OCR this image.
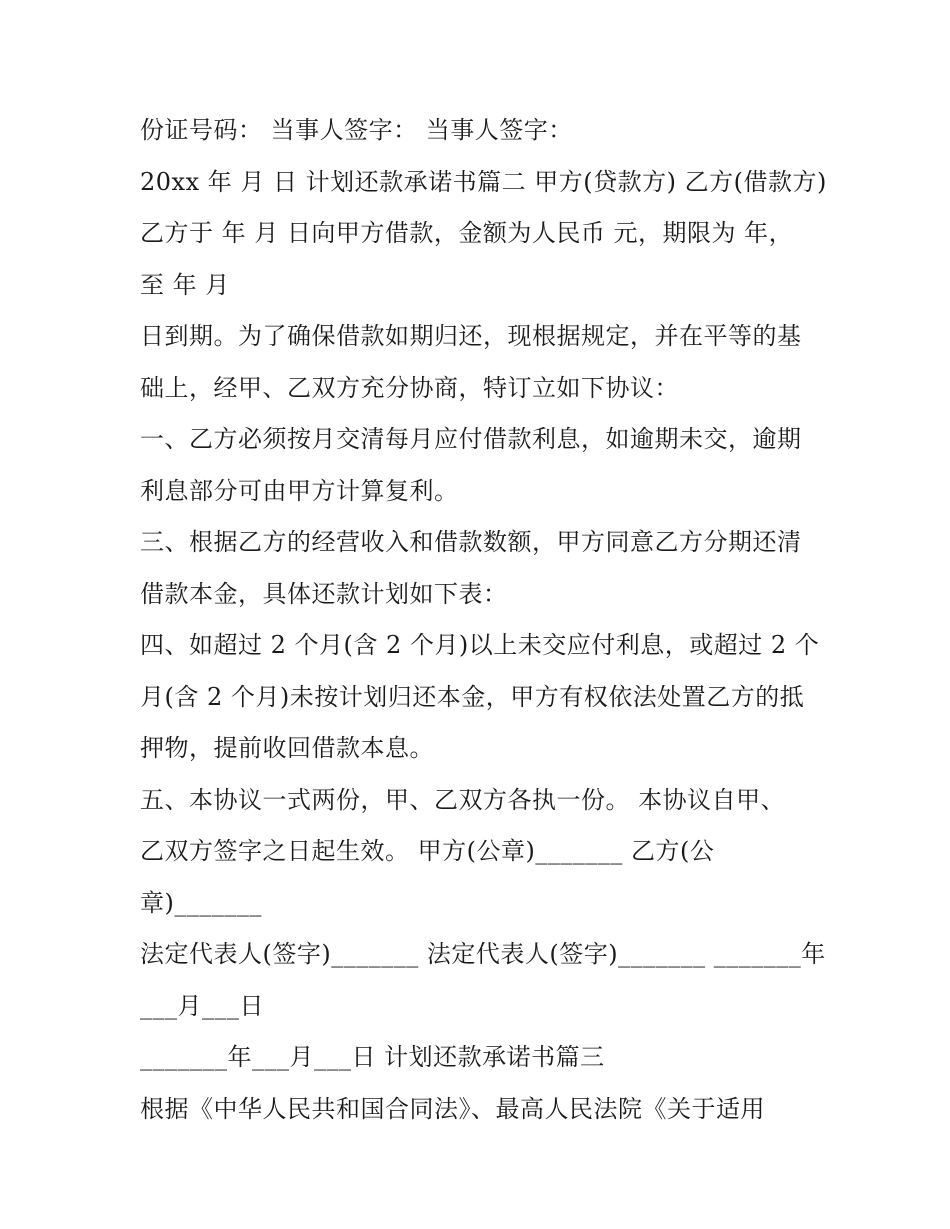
份证号码： 当事人签字： 当事人签字：
20xx 年 月 日 计划还款承诺书篇二 甲方(贷款方) 乙方(借款方)
乙方于 年 月 日向甲方借款，金额为人民币 元，期限为 年，
至 年 月
日到期。为了确保借款如期归还，现根据规定，并在平等的基
础上，经甲、乙双方充分协商，特订立如下协议：
一、乙方必须按月交清每月应付借款利息，如逾期未交，逾期
利息部分可由甲方计算复利。
三、根据乙方的经营收入和借款数额，甲方同意乙方分期还清
借款本金，具体还款计划如下表：
四、如超过 2 个月(含 2 个月)以上未交应付利息，或超过 2 个
月(含 2 个月)未按计划归还本金，甲方有权依法处置乙方的抵
押物，提前收回借款本息。
五、本协议一式两份，甲、乙双方各执一份。 本协议自甲、
乙双方签字之日起生效。 甲方(公章)_______ 乙方(公
章)_______
法定代表人(签字)_______ 法定代表人(签字)_______ _______年
___月___日
_______年___月___日 计划还款承诺书篇三
根据《中华人民共和国合同法》、最高人民法院《关于适用
